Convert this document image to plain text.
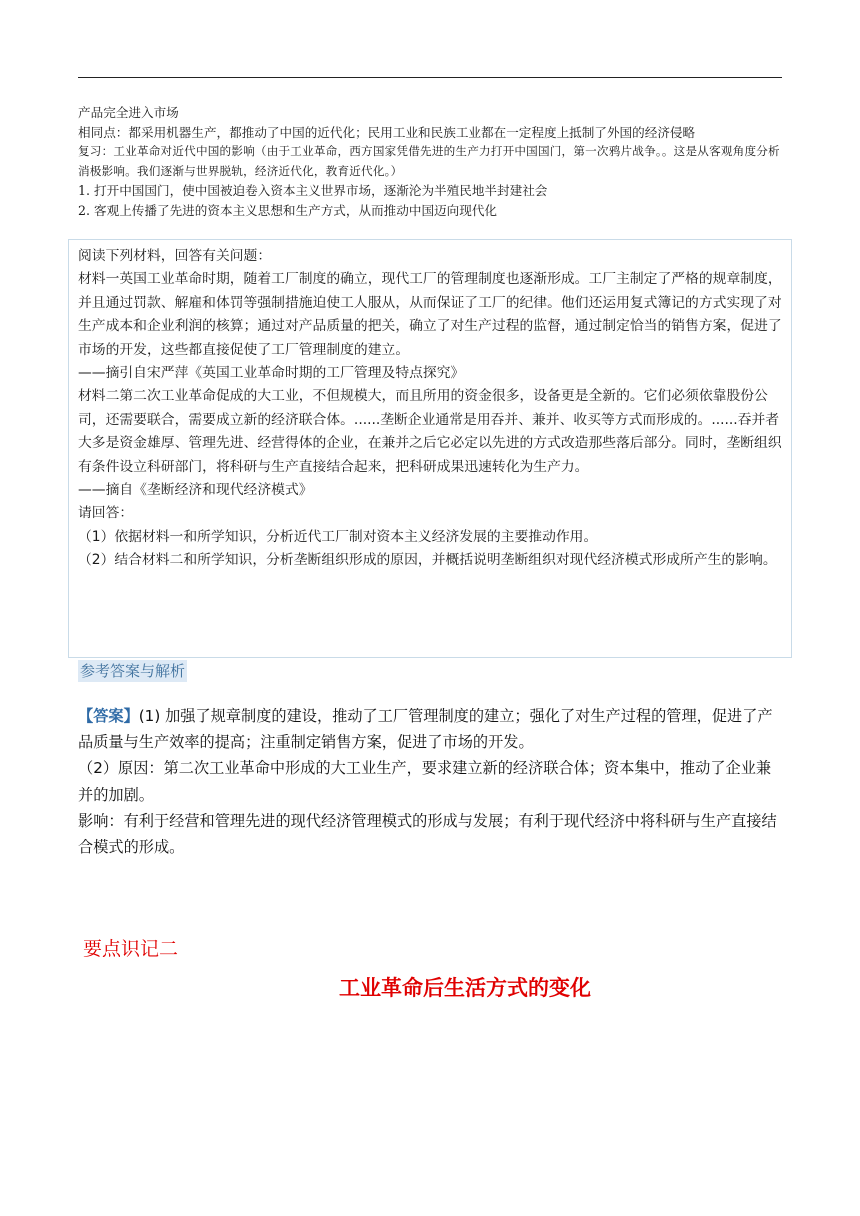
产品完全进入市场

相同点：都采用机器生产，都推动了中国的近代化；民用工业和民族工业都在一定程度上抵制了外国的经济侵略

复习：工业革命对近代中国的影响（由于工业革命，西方国家凭借先进的生产力打开中国国门，第一次鸦片战争。。这是从客观角度分析消极影响。我们逐渐与世界脱轨，经济近代化，教育近代化。）

1. 打开中国国门，使中国被迫卷入资本主义世界市场，逐渐沦为半殖民地半封建社会

2. 客观上传播了先进的资本主义思想和生产方式，从而推动中国迈向现代化

阅读下列材料，回答有关问题：

材料一英国工业革命时期，随着工厂制度的确立，现代工厂的管理制度也逐渐形成。工厂主制定了严格的规章制度，并且通过罚款、解雇和体罚等强制措施迫使工人服从，从而保证了工厂的纪律。他们还运用复式簿记的方式实现了对生产成本和企业利润的核算；通过对产品质量的把关，确立了对生产过程的监督，通过制定恰当的销售方案，促进了市场的开发，这些都直接促使了工厂管理制度的建立。

——摘引自宋严萍《英国工业革命时期的工厂管理及特点探究》

材料二第二次工业革命促成的大工业，不但规模大，而且所用的资金很多，设备更是全新的。它们必须依靠股份公司，还需要联合，需要成立新的经济联合体。......垄断企业通常是用吞并、兼并、收买等方式而形成的。......吞并者大多是资金雄厚、管理先进、经营得体的企业，在兼并之后它必定以先进的方式改造那些落后部分。同时，垄断组织有条件设立科研部门，将科研与生产直接结合起来，把科研成果迅速转化为生产力。

——摘自《垄断经济和现代经济模式》

请回答：

（1）依据材料一和所学知识，分析近代工厂制对资本主义经济发展的主要推动作用。

（2）结合材料二和所学知识，分析垄断组织形成的原因，并概括说明垄断组织对现代经济模式形成所产生的影响。

参考答案与解析

【答案】(1) 加强了规章制度的建设，推动了工厂管理制度的建立；强化了对生产过程的管理，促进了产品质量与生产效率的提高；注重制定销售方案，促进了市场的开发。

（2）原因：第二次工业革命中形成的大工业生产，要求建立新的经济联合体；资本集中，推动了企业兼并的加剧。

影响：有利于经营和管理先进的现代经济管理模式的形成与发展；有利于现代经济中将科研与生产直接结合模式的形成。

要点识记二
工业革命后生活方式的变化
